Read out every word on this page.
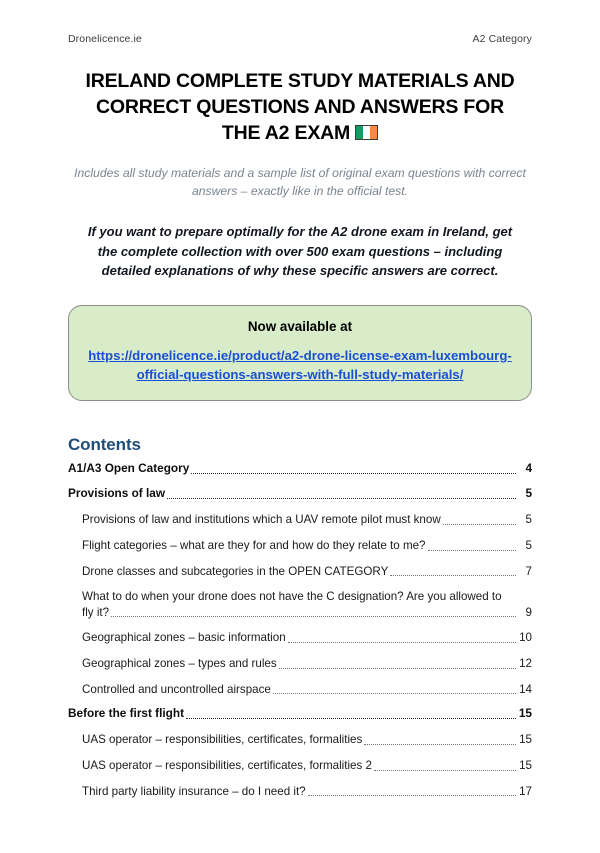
Dronelicence.ie	A2 Category
IRELAND COMPLETE STUDY MATERIALS AND
CORRECT QUESTIONS AND ANSWERS FOR
THE A2 EXAM

Includes all study materials and a sample list of original exam questions with correct answers – exactly like in the official test.

If you want to prepare optimally for the A2 drone exam in Ireland, get the complete collection with over 500 exam questions – including detailed explanations of why these specific answers are correct.

Now available at
https://dronelicence.ie/product/a2-drone-license-exam-luxembourg-official-questions-answers-with-full-study-materials/
Contents
A1/A3 Open Category	4
Provisions of law	5
Provisions of law and institutions which a UAV remote pilot must know	5
Flight categories – what are they for and how do they relate to me?	5
Drone classes and subcategories in the OPEN CATEGORY	7
What to do when your drone does not have the C designation? Are you allowed to
fly it?	9
Geographical zones – basic information	10
Geographical zones – types and rules	12
Controlled and uncontrolled airspace	14
Before the first flight	15
UAS operator – responsibilities, certificates, formalities	15
UAS operator – responsibilities, certificates, formalities 2	15
Third party liability insurance – do I need it?	17
